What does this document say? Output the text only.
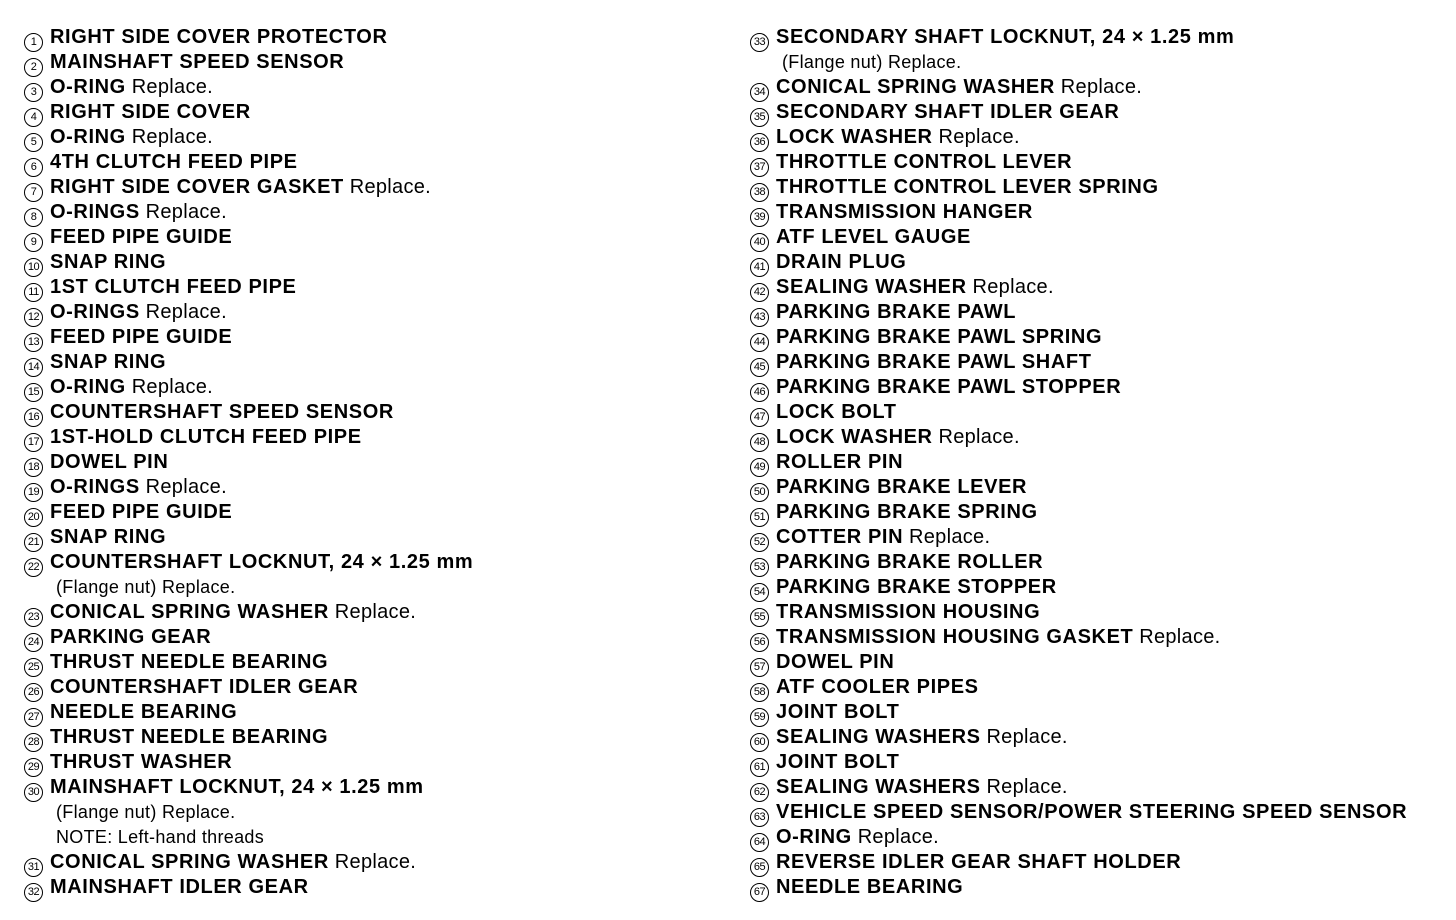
1 RIGHT SIDE COVER PROTECTOR
2 MAINSHAFT SPEED SENSOR
3 O-RING Replace.
4 RIGHT SIDE COVER
5 O-RING Replace.
6 4TH CLUTCH FEED PIPE
7 RIGHT SIDE COVER GASKET Replace.
8 O-RINGS Replace.
9 FEED PIPE GUIDE
10 SNAP RING
11 1ST CLUTCH FEED PIPE
12 O-RINGS Replace.
13 FEED PIPE GUIDE
14 SNAP RING
15 O-RING Replace.
16 COUNTERSHAFT SPEED SENSOR
17 1ST-HOLD CLUTCH FEED PIPE
18 DOWEL PIN
19 O-RINGS Replace.
20 FEED PIPE GUIDE
21 SNAP RING
22 COUNTERSHAFT LOCKNUT, 24 × 1.25 mm
(Flange nut) Replace.
23 CONICAL SPRING WASHER Replace.
24 PARKING GEAR
25 THRUST NEEDLE BEARING
26 COUNTERSHAFT IDLER GEAR
27 NEEDLE BEARING
28 THRUST NEEDLE BEARING
29 THRUST WASHER
30 MAINSHAFT LOCKNUT, 24 × 1.25 mm
(Flange nut) Replace.
NOTE: Left-hand threads
31 CONICAL SPRING WASHER Replace.
32 MAINSHAFT IDLER GEAR
33 SECONDARY SHAFT LOCKNUT, 24 × 1.25 mm
(Flange nut) Replace.
34 CONICAL SPRING WASHER Replace.
35 SECONDARY SHAFT IDLER GEAR
36 LOCK WASHER Replace.
37 THROTTLE CONTROL LEVER
38 THROTTLE CONTROL LEVER SPRING
39 TRANSMISSION HANGER
40 ATF LEVEL GAUGE
41 DRAIN PLUG
42 SEALING WASHER Replace.
43 PARKING BRAKE PAWL
44 PARKING BRAKE PAWL SPRING
45 PARKING BRAKE PAWL SHAFT
46 PARKING BRAKE PAWL STOPPER
47 LOCK BOLT
48 LOCK WASHER Replace.
49 ROLLER PIN
50 PARKING BRAKE LEVER
51 PARKING BRAKE SPRING
52 COTTER PIN Replace.
53 PARKING BRAKE ROLLER
54 PARKING BRAKE STOPPER
55 TRANSMISSION HOUSING
56 TRANSMISSION HOUSING GASKET Replace.
57 DOWEL PIN
58 ATF COOLER PIPES
59 JOINT BOLT
60 SEALING WASHERS Replace.
61 JOINT BOLT
62 SEALING WASHERS Replace.
63 VEHICLE SPEED SENSOR/POWER STEERING SPEED SENSOR
64 O-RING Replace.
65 REVERSE IDLER GEAR SHAFT HOLDER
67 NEEDLE BEARING
